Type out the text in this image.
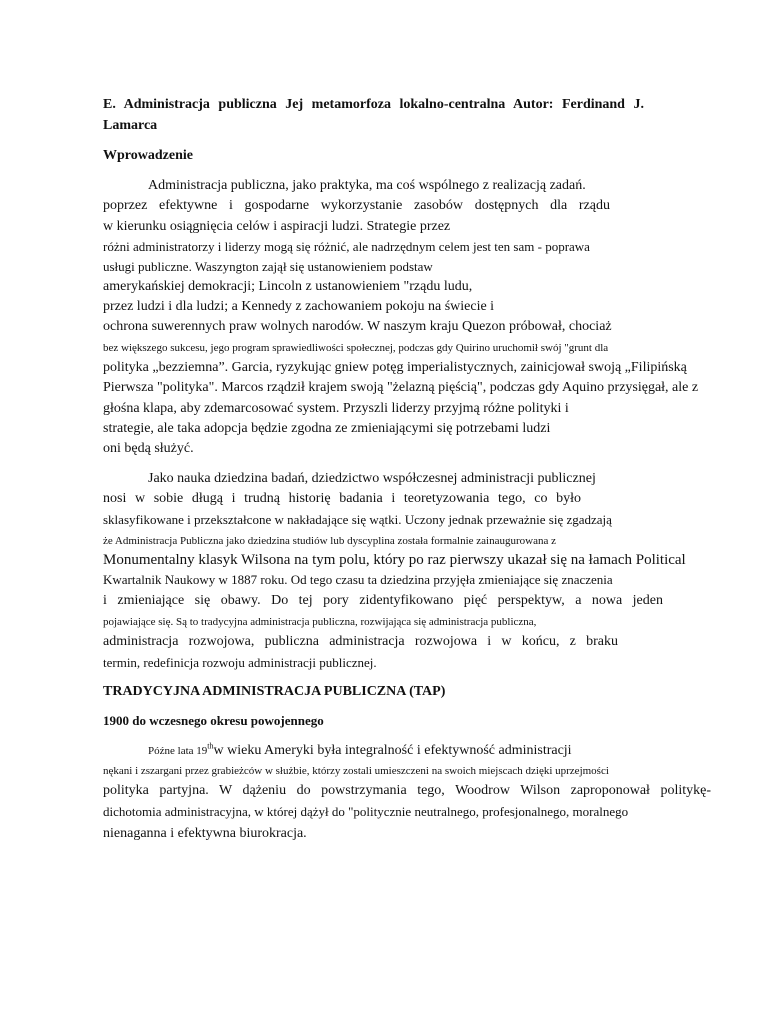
E. Administracja publiczna Jej metamorfoza lokalno-centralna Autor: Ferdinand J.
Lamarca
Wprowadzenie
Administracja publiczna, jako praktyka, ma coś wspólnego z realizacją zadań.
poprzez efektywne i gospodarne wykorzystanie zasobów dostępnych dla rządu
w kierunku osiągnięcia celów i aspiracji ludzi. Strategie przez
różni administratorzy i liderzy mogą się różnić, ale nadrzędnym celem jest ten sam - poprawa
usługi publiczne. Waszyngton zajął się ustanowieniem podstaw
amerykańskiej demokracji; Lincoln z ustanowieniem "rządu ludu,
przez ludzi i dla ludzi; a Kennedy z zachowaniem pokoju na świecie i
ochrona suwerennych praw wolnych narodów. W naszym kraju Quezon próbował, chociaż
bez większego sukcesu, jego program sprawiedliwości społecznej, podczas gdy Quirino uruchomił swój "grunt dla
polityka „bezziemna”. Garcia, ryzykując gniew potęg imperialistycznych, zainicjował swoją „Filipińską
Pierwsza "polityka". Marcos rządził krajem swoją "żelazną pięścią", podczas gdy Aquino przysięgał, ale z
głośna klapa, aby zdemarcosować system. Przyszli liderzy przyjmą różne polityki i
strategie, ale taka adopcja będzie zgodna ze zmieniającymi się potrzebami ludzi
oni będą służyć.
Jako nauka dziedzina badań, dziedzictwo współczesnej administracji publicznej
nosi w sobie długą i trudną historię badania i teoretyzowania tego, co było
sklasyfikowane i przekształcone w nakładające się wątki. Uczony jednak przeważnie się zgadzają
że Administracja Publiczna jako dziedzina studiów lub dyscyplina została formalnie zainaugurowana z
Monumentalny klasyk Wilsona na tym polu, który po raz pierwszy ukazał się na łamach Political
Kwartalnik Naukowy w 1887 roku. Od tego czasu ta dziedzina przyjęła zmieniające się znaczenia
i zmieniające się obawy. Do tej pory zidentyfikowano pięć perspektyw, a nowa jeden
pojawiające się. Są to tradycyjna administracja publiczna, rozwijająca się administracja publiczna,
administracja rozwojowa, publiczna administracja rozwojowa i w końcu, z braku
termin, redefinicja rozwoju administracji publicznej.
TRADYCYJNA ADMINISTRACJA PUBLICZNA (TAP)
1900 do wczesnego okresu powojennego
Późne lata 19thw wieku Ameryki była integralność i efektywność administracji
nękani i zszargani przez grabieżców w służbie, którzy zostali umieszczeni na swoich miejscach dzięki uprzejmości
polityka partyjna. W dążeniu do powstrzymania tego, Woodrow Wilson zaproponował politykę-
dichotomia administracyjna, w której dążył do "politycznie neutralnego, profesjonalnego, moralnego
nienaganna i efektywna biurokracja.
